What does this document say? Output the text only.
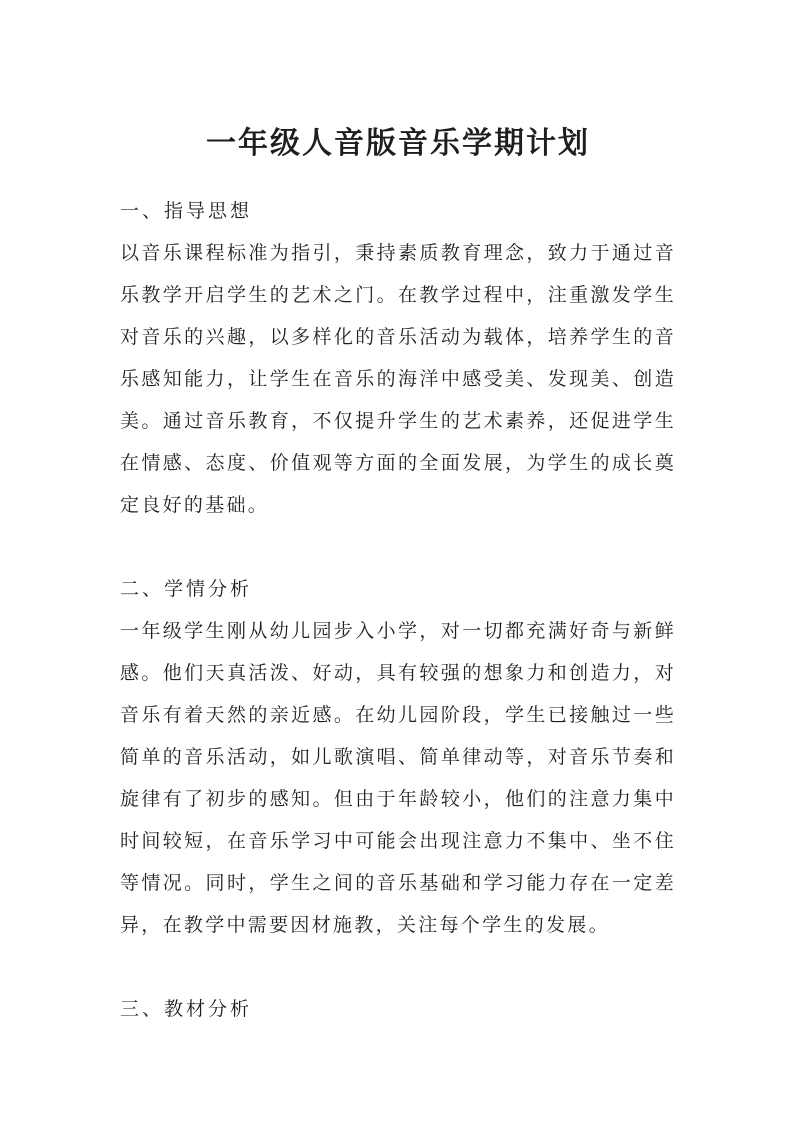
一年级人音版音乐学期计划
一、指导思想

以音乐课程标准为指引，秉持素质教育理念，致力于通过音乐教学开启学生的艺术之门。在教学过程中，注重激发学生对音乐的兴趣，以多样化的音乐活动为载体，培养学生的音乐感知能力，让学生在音乐的海洋中感受美、发现美、创造美。通过音乐教育，不仅提升学生的艺术素养，还促进学生在情感、态度、价值观等方面的全面发展，为学生的成长奠定良好的基础。

二、学情分析

一年级学生刚从幼儿园步入小学，对一切都充满好奇与新鲜感。他们天真活泼、好动，具有较强的想象力和创造力，对音乐有着天然的亲近感。在幼儿园阶段，学生已接触过一些简单的音乐活动，如儿歌演唱、简单律动等，对音乐节奏和旋律有了初步的感知。但由于年龄较小，他们的注意力集中时间较短，在音乐学习中可能会出现注意力不集中、坐不住等情况。同时，学生之间的音乐基础和学习能力存在一定差异，在教学中需要因材施教，关注每个学生的发展。

三、教材分析
